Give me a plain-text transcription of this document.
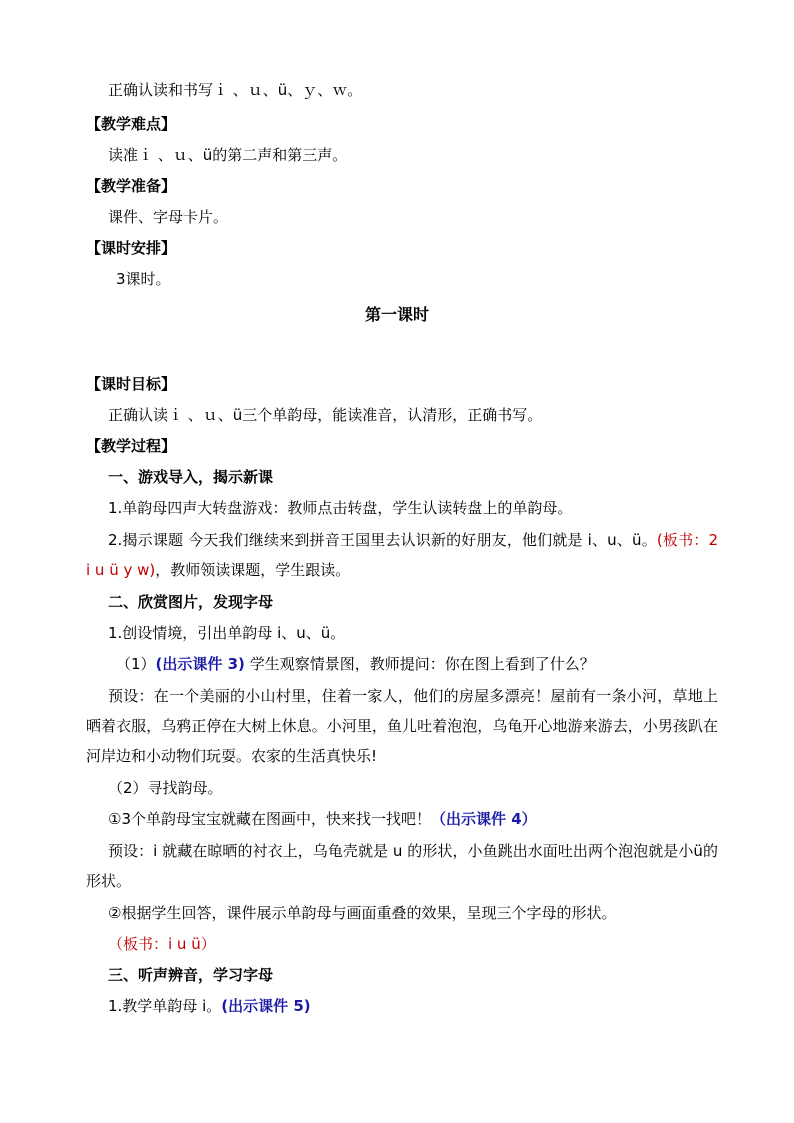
正确认读和书写ｉ 、ｕ、ü、ｙ、ｗ。
【教学难点】
读准ｉ 、ｕ、ü的第二声和第三声。
【教学准备】
课件、字母卡片。
【课时安排】
3课时。
第一课时
【课时目标】
正确认读ｉ 、ｕ、ü三个单韵母，能读准音，认清形，正确书写。
【教学过程】
一、游戏导入，揭示新课
1.单韵母四声大转盘游戏：教师点击转盘，学生认读转盘上的单韵母。
2.揭示课题 今天我们继续来到拼音王国里去认识新的好朋友，他们就是 i、u、ü。(板书：2 i u ü y w)，教师领读课题，学生跟读。
二、欣赏图片，发现字母
1.创设情境，引出单韵母 i、u、ü。
（1）(出示课件 3) 学生观察情景图，教师提问：你在图上看到了什么？
预设：在一个美丽的小山村里，住着一家人，他们的房屋多漂亮！屋前有一条小河，草地上晒着衣服，乌鸦正停在大树上休息。小河里，鱼儿吐着泡泡，乌龟开心地游来游去，小男孩趴在河岸边和小动物们玩耍。农家的生活真快乐!
（2）寻找韵母。
①3个单韵母宝宝就藏在图画中，快来找一找吧！（出示课件 4）
预设：i 就藏在晾晒的衬衣上，乌龟壳就是 u 的形状，小鱼跳出水面吐出两个泡泡就是小ü的形状。
②根据学生回答，课件展示单韵母与画面重叠的效果，呈现三个字母的形状。
（板书：i u ü）
三、听声辨音，学习字母
1.教学单韵母 i。(出示课件 5)
